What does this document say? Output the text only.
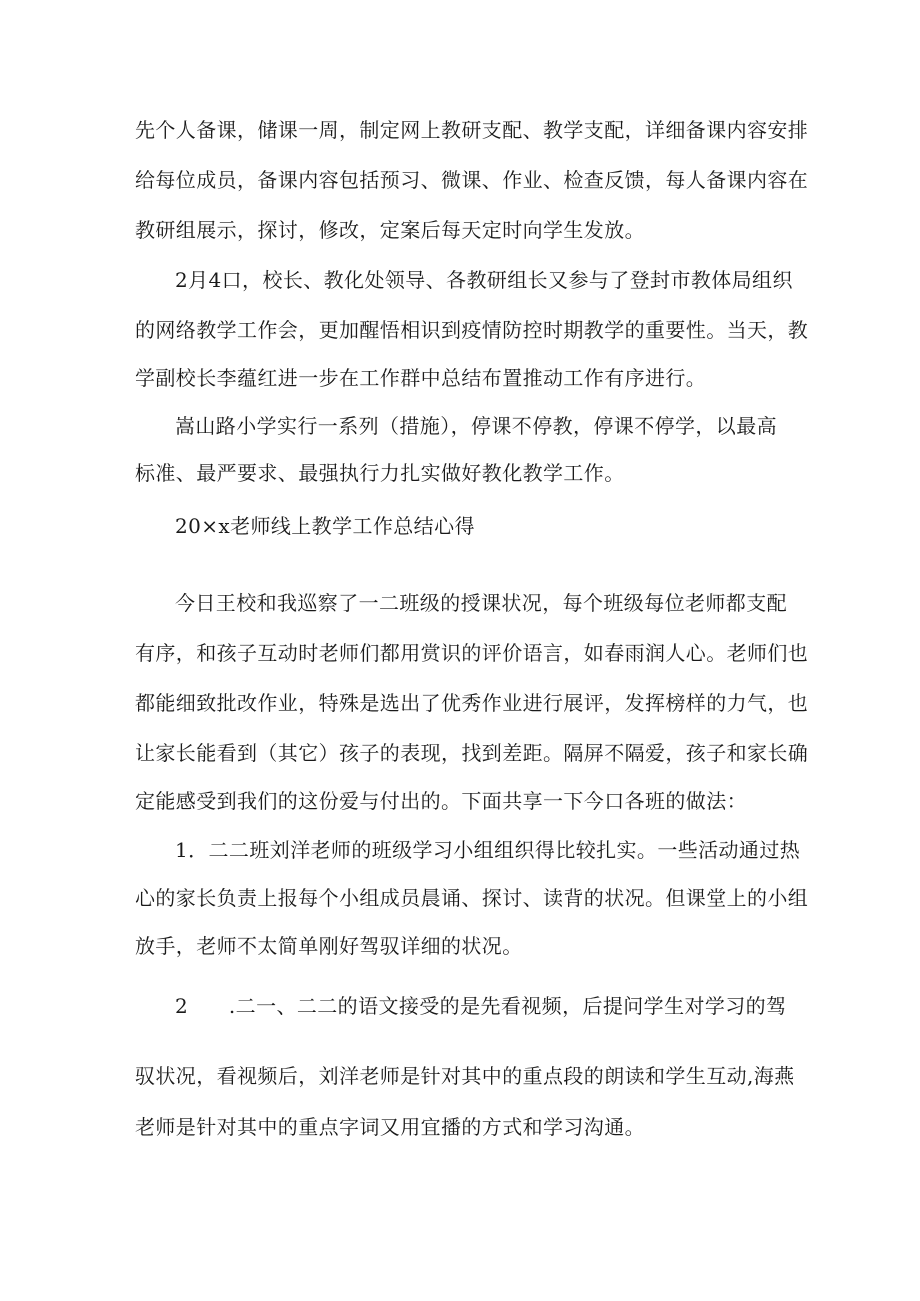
先个人备课，储课一周，制定网上教研支配、教学支配，详细备课内容安排
给每位成员，备课内容包括预习、微课、作业、检查反馈，每人备课内容在
教研组展示，探讨，修改，定案后每天定时向学生发放。
2月4口，校长、教化处领导、各教研组长又参与了登封市教体局组织
的网络教学工作会，更加醒悟相识到疫情防控时期教学的重要性。当天，教
学副校长李蕴红进一步在工作群中总结布置推动工作有序进行。
嵩山路小学实行一系列（措施），停课不停教，停课不停学，以最高
标准、最严要求、最强执行力扎实做好教化教学工作。
20×x老师线上教学工作总结心得
今日王校和我巡察了一二班级的授课状况，每个班级每位老师都支配
有序，和孩子互动时老师们都用赏识的评价语言，如春雨润人心。老师们也
都能细致批改作业，特殊是选出了优秀作业进行展评，发挥榜样的力气，也
让家长能看到（其它）孩子的表现，找到差距。隔屏不隔爱，孩子和家长确
定能感受到我们的这份爱与付出的。下面共享一下今口各班的做法：
1．二二班刘洋老师的班级学习小组组织得比较扎实。一些活动通过热
心的家长负责上报每个小组成员晨诵、探讨、读背的状况。但课堂上的小组
放手，老师不太简单刚好驾驭详细的状况。
2　　.二一、二二的语文接受的是先看视频，后提问学生对学习的驾
驭状况，看视频后，刘洋老师是针对其中的重点段的朗读和学生互动,海燕
老师是针对其中的重点字词又用宜播的方式和学习沟通。
